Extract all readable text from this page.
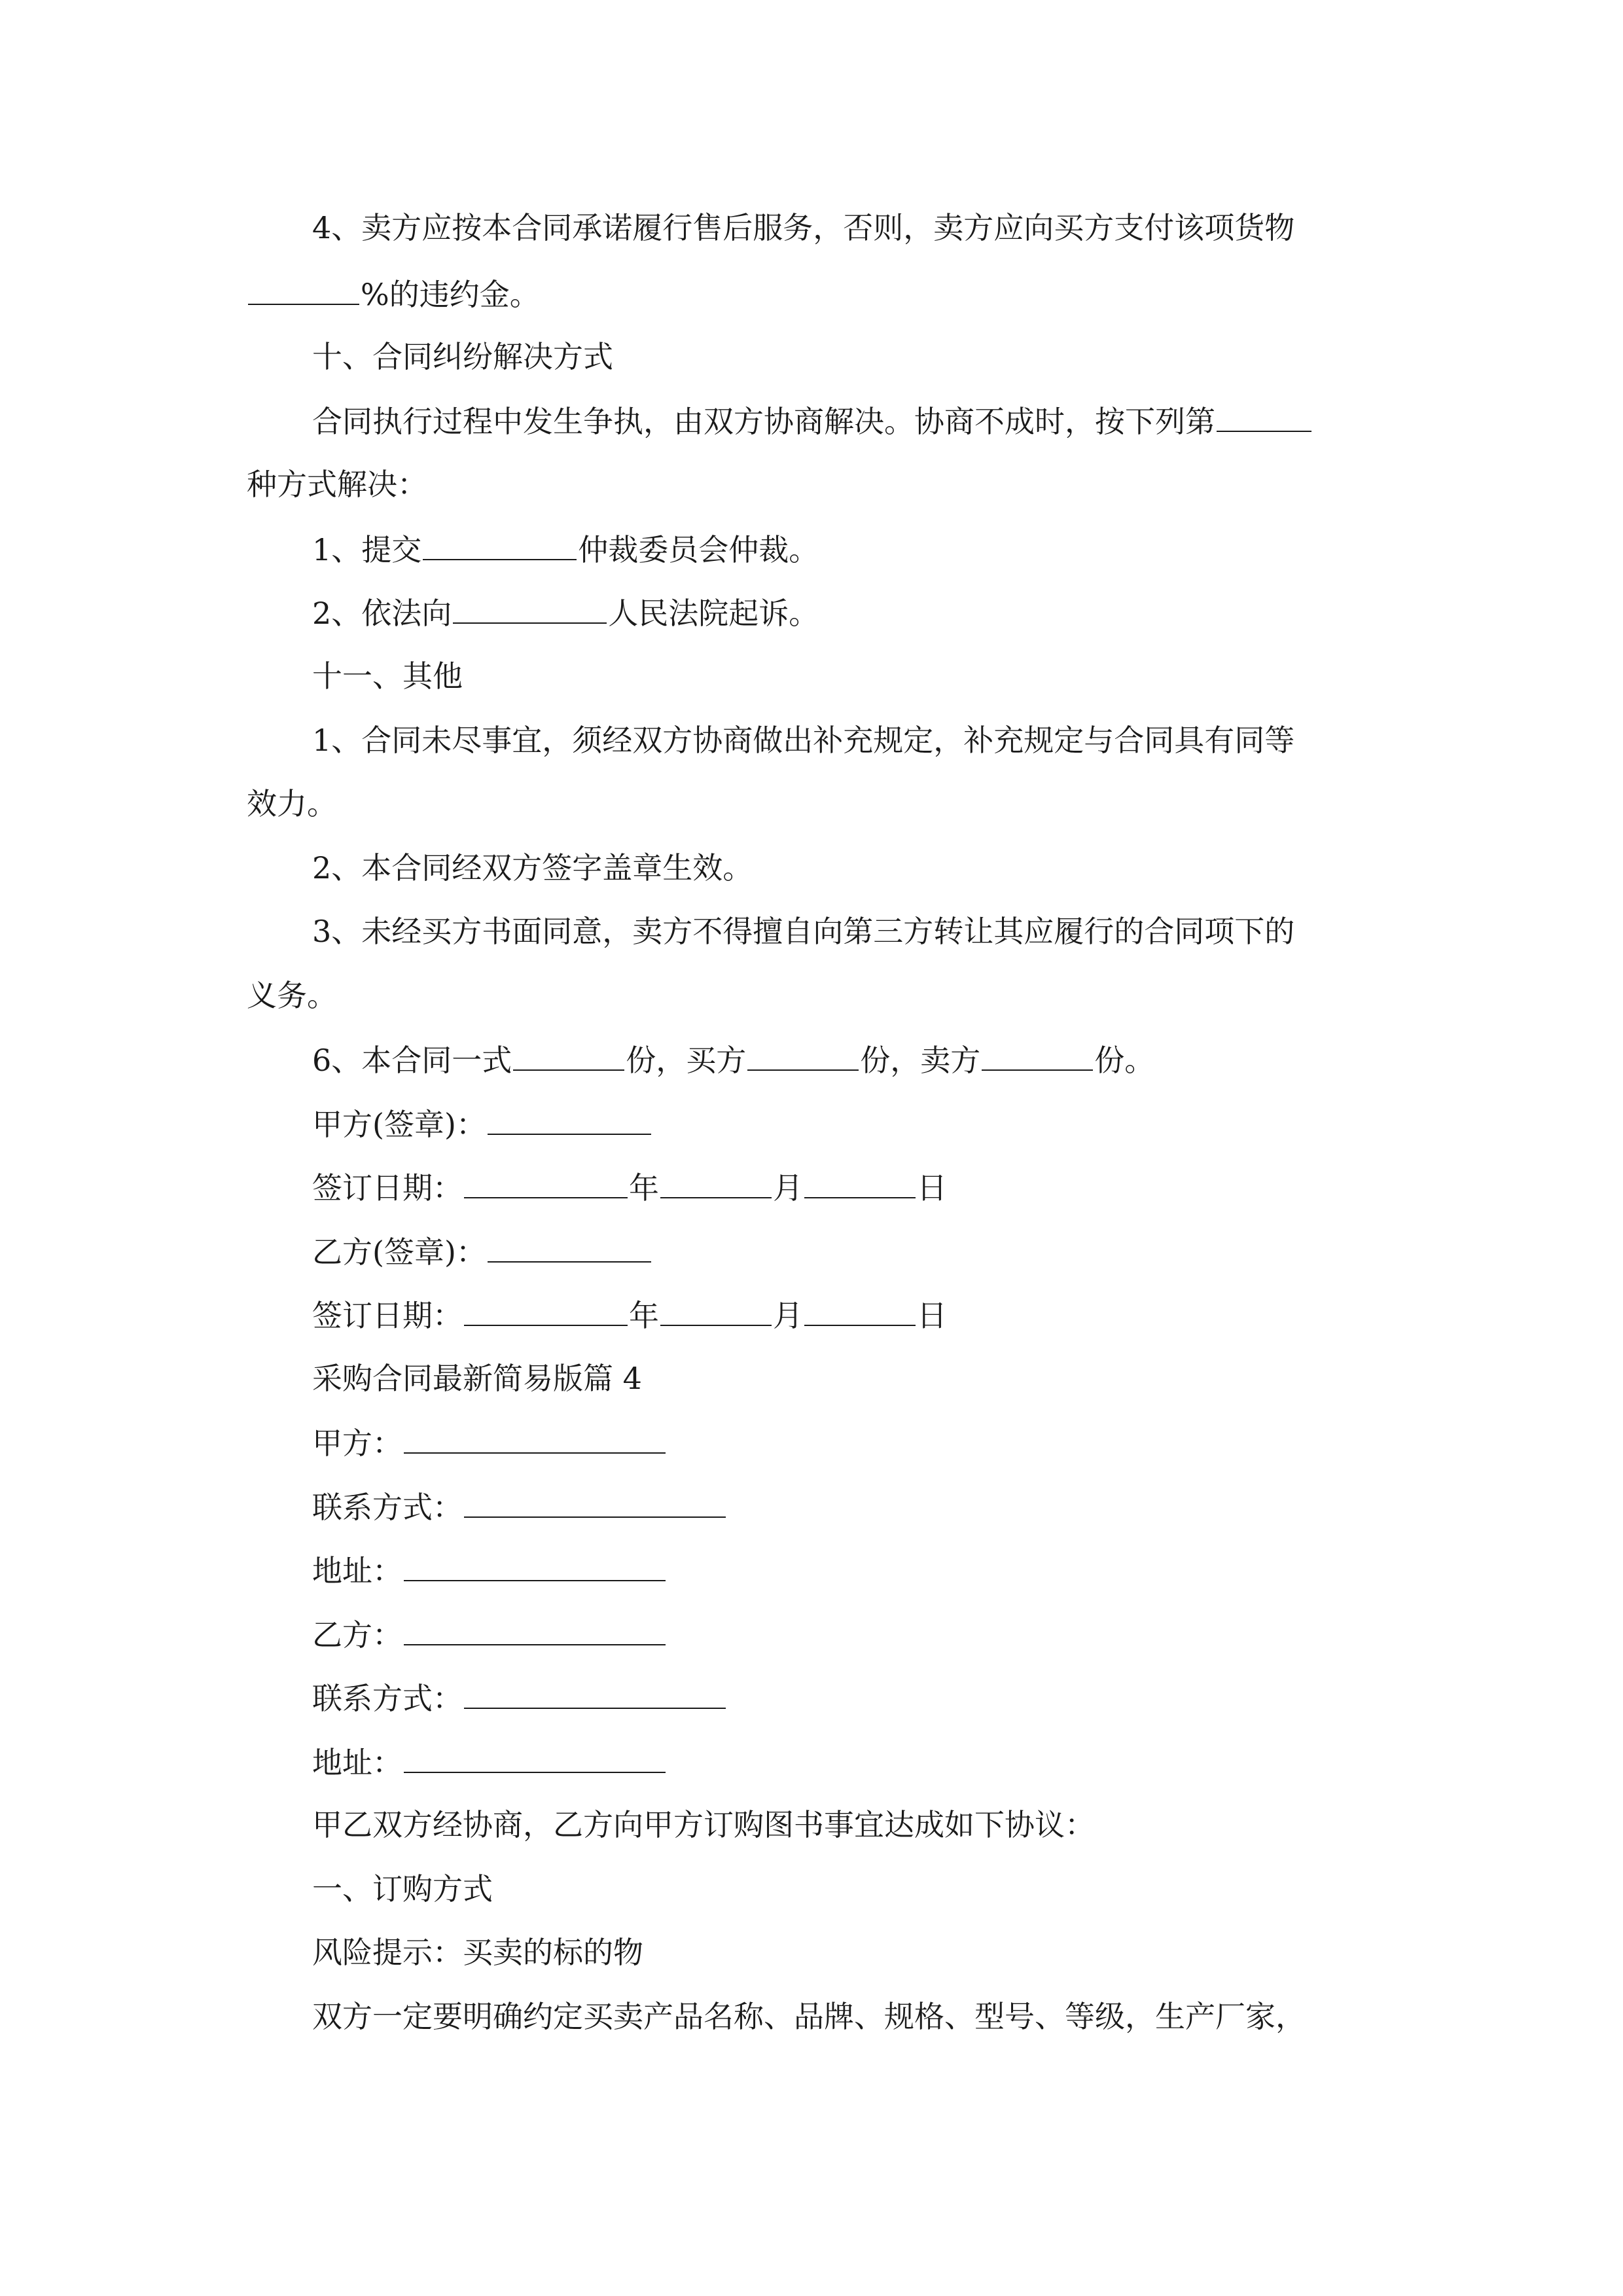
4、卖方应按本合同承诺履行售后服务，否则，卖方应向买方支付该项货物
%的违约金。
十、合同纠纷解决方式
合同执行过程中发生争执，由双方协商解决。协商不成时，按下列第
种方式解决：
1、提交	仲裁委员会仲裁。
2、依法向	人民法院起诉。
十一、其他
1、合同未尽事宜，须经双方协商做出补充规定，补充规定与合同具有同等
效力。
2、本合同经双方签字盖章生效。
3、未经买方书面同意，卖方不得擅自向第三方转让其应履行的合同项下的
义务。
6、本合同一式	份，买方	份，卖方	份。
甲方(签章)：
签订日期：	年	月	日
乙方(签章)：
签订日期：	年	月	日
采购合同最新简易版篇 4
甲方：
联系方式：
地址：
乙方：
联系方式：
地址：
甲乙双方经协商，乙方向甲方订购图书事宜达成如下协议：
一、订购方式
风险提示：买卖的标的物
双方一定要明确约定买卖产品名称、品牌、规格、型号、等级，生产厂家，
